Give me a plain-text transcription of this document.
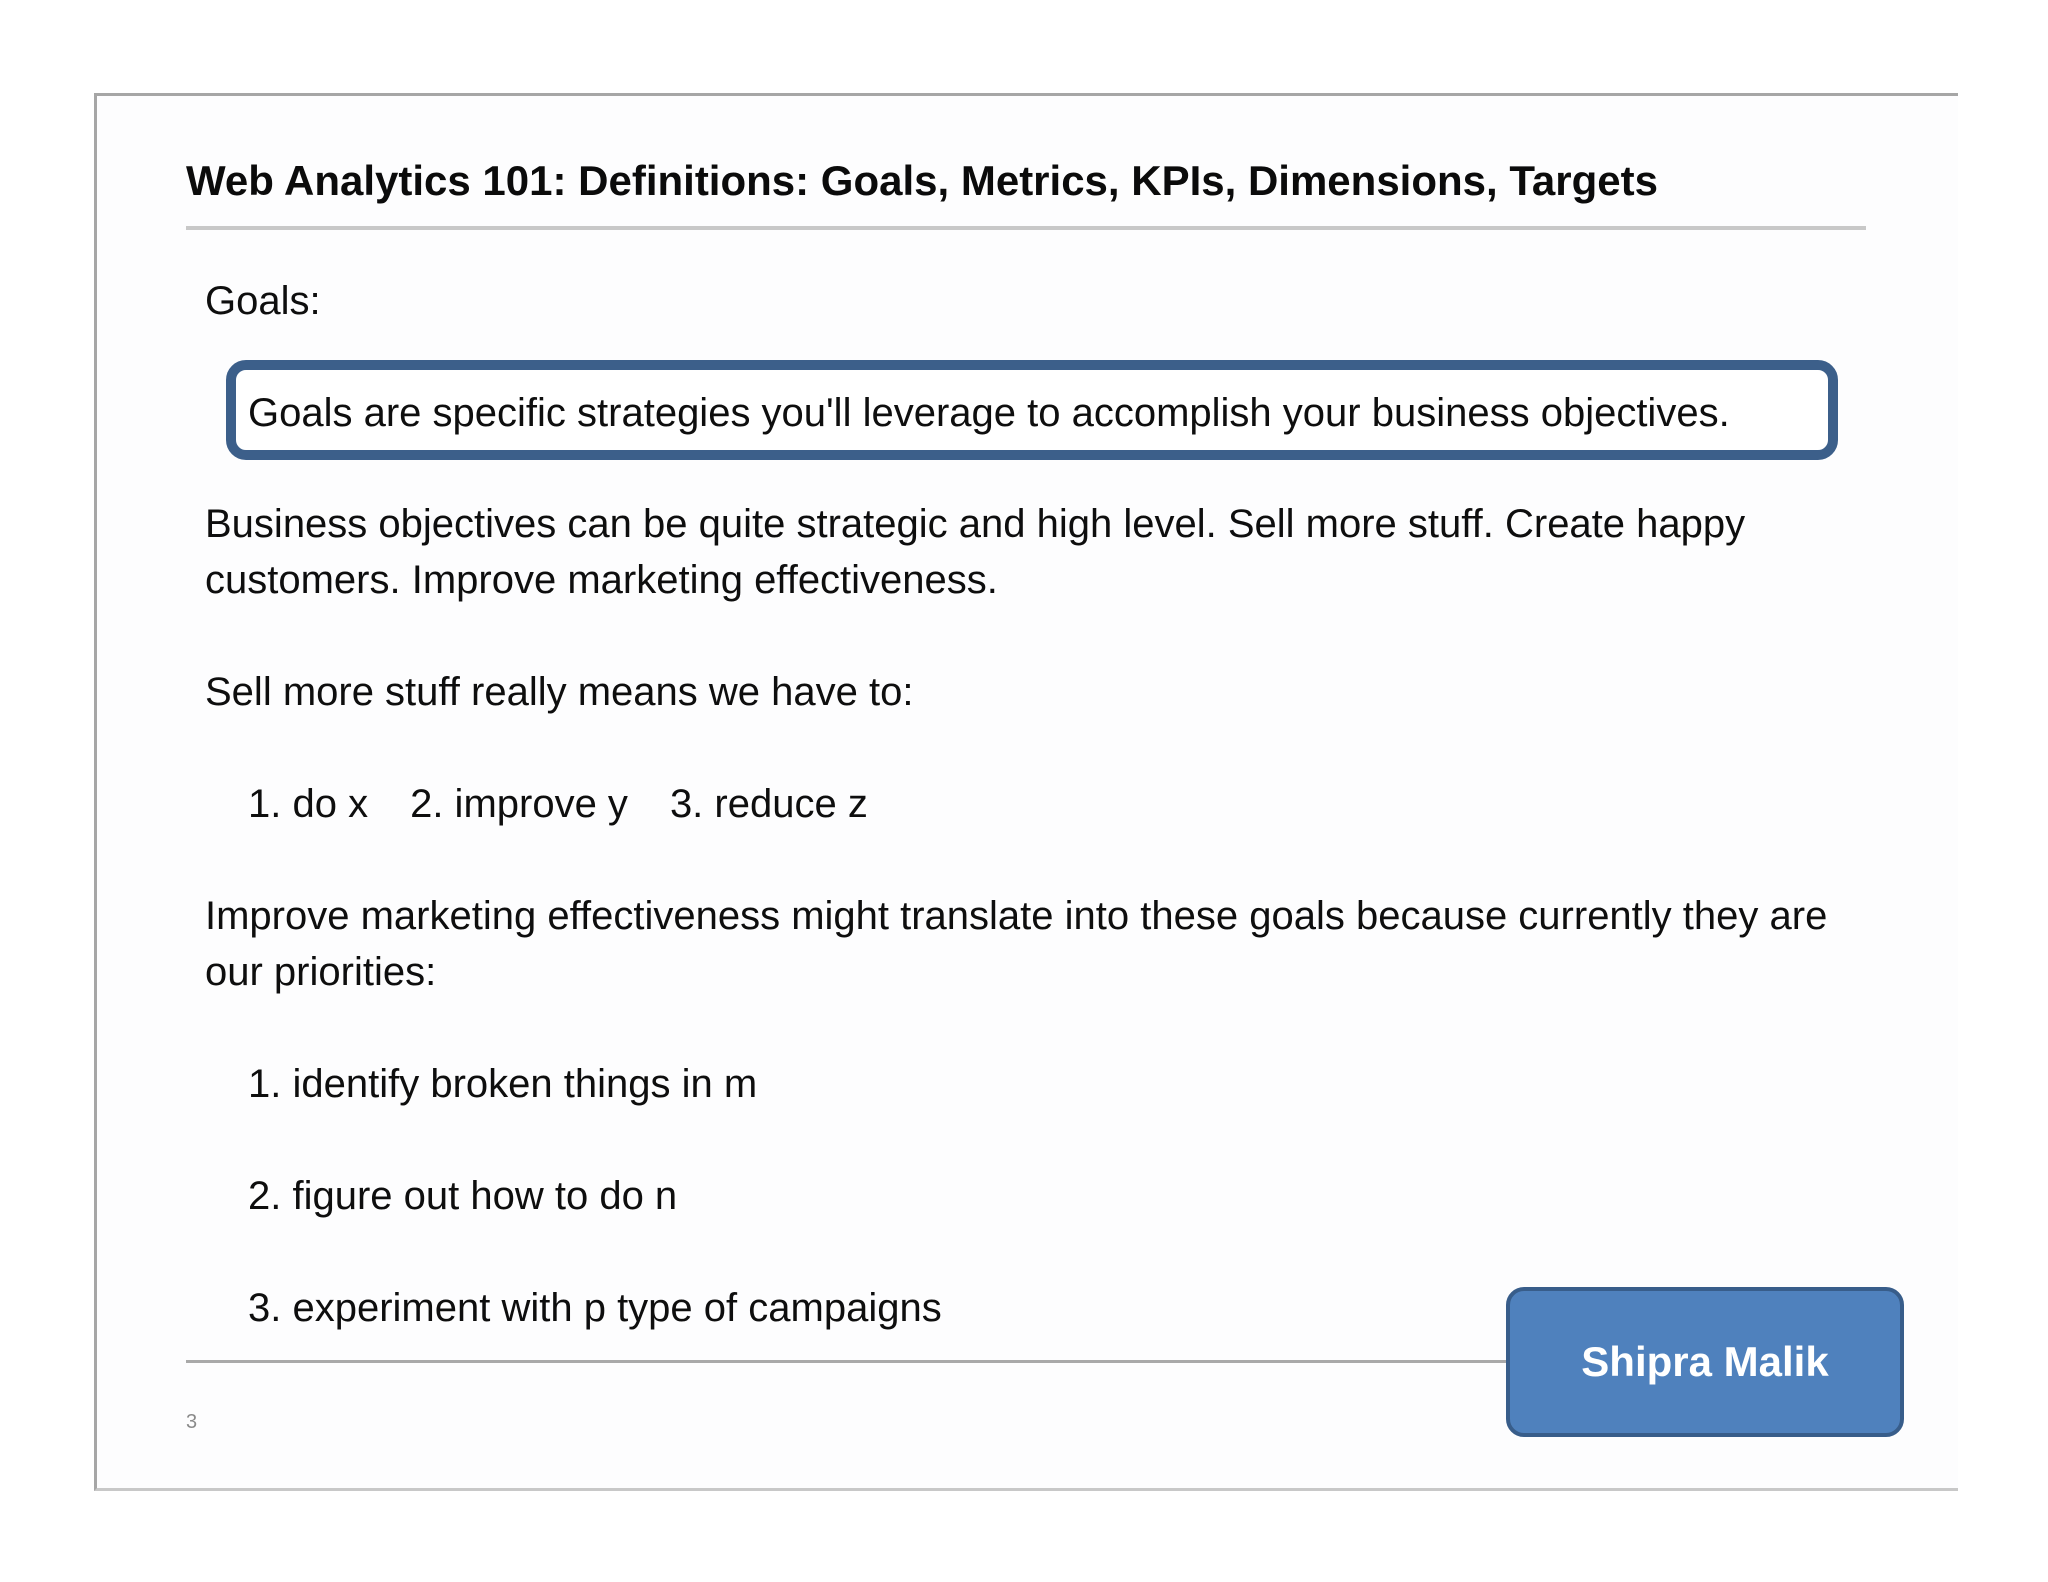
Web Analytics 101: Definitions: Goals, Metrics, KPIs, Dimensions, Targets

Goals:

Goals are specific strategies you'll leverage to accomplish your business objectives.

Business objectives can be quite strategic and high level. Sell more stuff. Create happy

customers. Improve marketing effectiveness.

Sell more stuff really means we have to:

1. do x 2. improve y 3. reduce z

Improve marketing effectiveness might translate into these goals because currently they are

our priorities:

1. identify broken things in m

2. figure out how to do n

3. experiment with p type of campaigns

3
Shipra Malik
